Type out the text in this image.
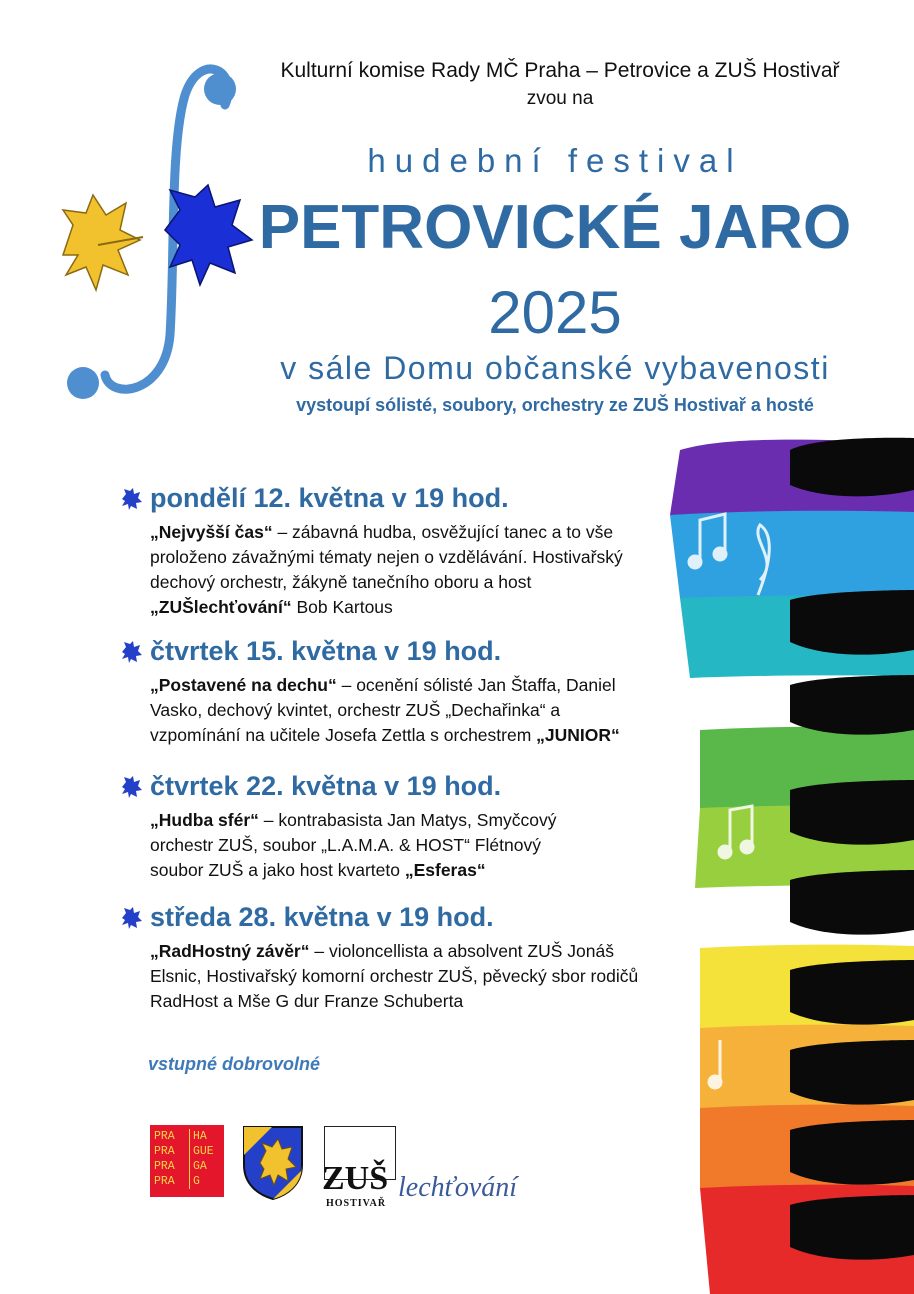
Kulturní komise Rady MČ Praha – Petrovice a ZUŠ Hostivař
zvou na
hudební festival
PETROVICKÉ JARO
2025
v sále Domu občanské vybavenosti
vystoupí sólisté, soubory, orchestry ze ZUŠ Hostivař a hosté
pondělí 12. května v 19 hod.
„Nejvyšší čas“ – zábavná hudba, osvěžující tanec a to vše proloženo závažnými tématy nejen o vzdělávání. Hostivařský dechový orchestr, žákyně tanečního oboru a host „ZUŠlechťování“ Bob Kartous
čtvrtek 15. května v 19 hod.
„Postavené na dechu“ – ocenění sólisté Jan Štaffa, Daniel Vasko, dechový kvintet, orchestr ZUŠ „Dechařinka“ a vzpomínání na učitele Josefa Zettla s orchestrem „JUNIOR“
čtvrtek 22. května v 19 hod.
„Hudba sfér“ – kontrabasista Jan Matys, Smyčcový orchestr ZUŠ, soubor „L.A.M.A. & HOST“ Flétnový soubor ZUŠ a jako host kvarteto „Esferas“
středa 28. května v 19 hod.
„RadHostný závěr“ – violoncellista a absolvent ZUŠ Jonáš Elsnic, Hostivařský komorní orchestr ZUŠ, pěvecký sbor rodičů RadHost a Mše G dur Franze Schuberta
vstupné dobrovolné
PRA	HA
PRA	GUE
PRA	GA
PRA	G	ZUŠ
HOSTIVAŘ
lechťování
